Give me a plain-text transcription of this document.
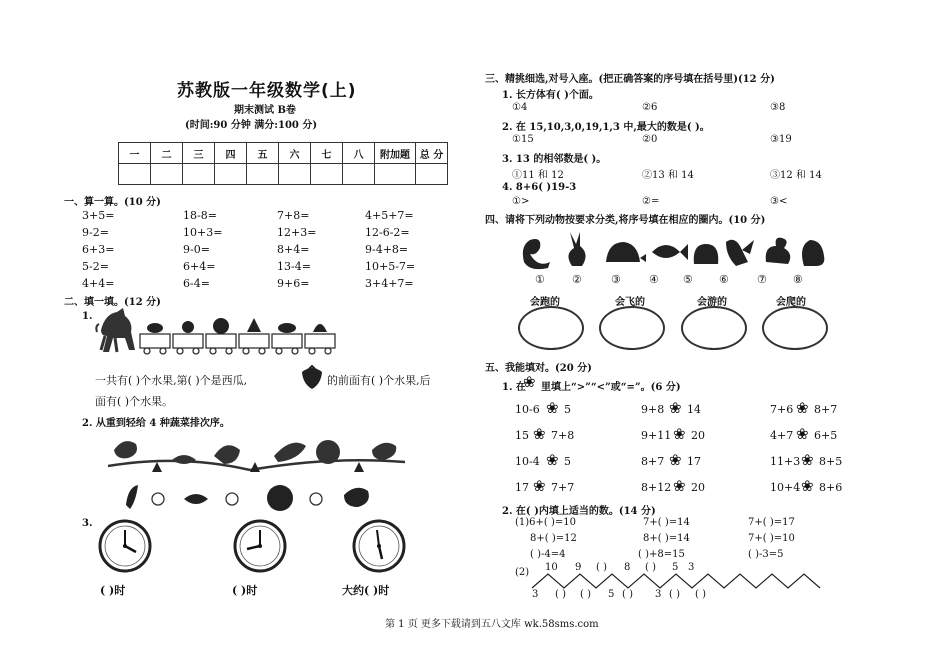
苏教版一年级数学(上)
期末测试 B卷
(时间:90 分钟 满分:100 分)
一	二	三	四	五	六	七	八	附加题	总 分

一、算一算。(10 分)
3+5=	18-8=	7+8=	4+5+7=
9-2=	10+3=	12+3=	12-6-2=
6+3=	9-0=	8+4=	9-4+8=
5-2=	6+4=	13-4=	10+5-7=
4+4=	6-4=	9+6=	3+4+7=
二、填一填。(12 分)
1.
一共有( )个水果,第( )个是西瓜,	的前面有( )个水果,后
面有( )个水果。
2. 从重到轻给 4 种蔬菜排次序。
3.
( )时	( )时	大约( )时
三、精挑细选,对号入座。(把正确答案的序号填在括号里)(12 分)
1. 长方体有( )个面。
①4	②6	③8
2. 在 15,10,3,0,19,1,3 中,最大的数是( )。
①15	②0	③19
3. 13 的相邻数是( )。
①11 和 12	②13 和 14	③12 和 14
4. 8+6( )19-3
①>	②=	③<
四、请将下列动物按要求分类,将序号填在相应的圈内。(10 分)
① ②	③	④ ⑤ ⑥	⑦ ⑧
会跑的	会飞的	会游的	会爬的
五、我能填对。(20 分)
1. 在
❀ 里填上“>”“<”或“=”。(6 分)
10-6 ❀ 5	9+8 ❀ 14	7+6 ❀ 8+7
15 ❀ 7+8	9+11 ❀ 20	4+7 ❀ 6+5
10-4 ❀ 5	8+7 ❀ 17	11+3 ❀ 8+5
17 ❀ 7+7	8+12 ❀ 20	10+4 ❀ 8+6
2. 在( )内填上适当的数。(14 分)
(1)6+( )=10	7+( )=14	7+( )=17
8+( )=12	8+( )=14	7+( )=10
( )-4=4	( )+8=15	( )-3=5
(2) 10 9 ( ) 8 ( ) 5 3
3 ( ) ( ) 5 ( ) 3 ( ) ( )
第 1 页 更多下载请到五八文库 wk.58sms.com
